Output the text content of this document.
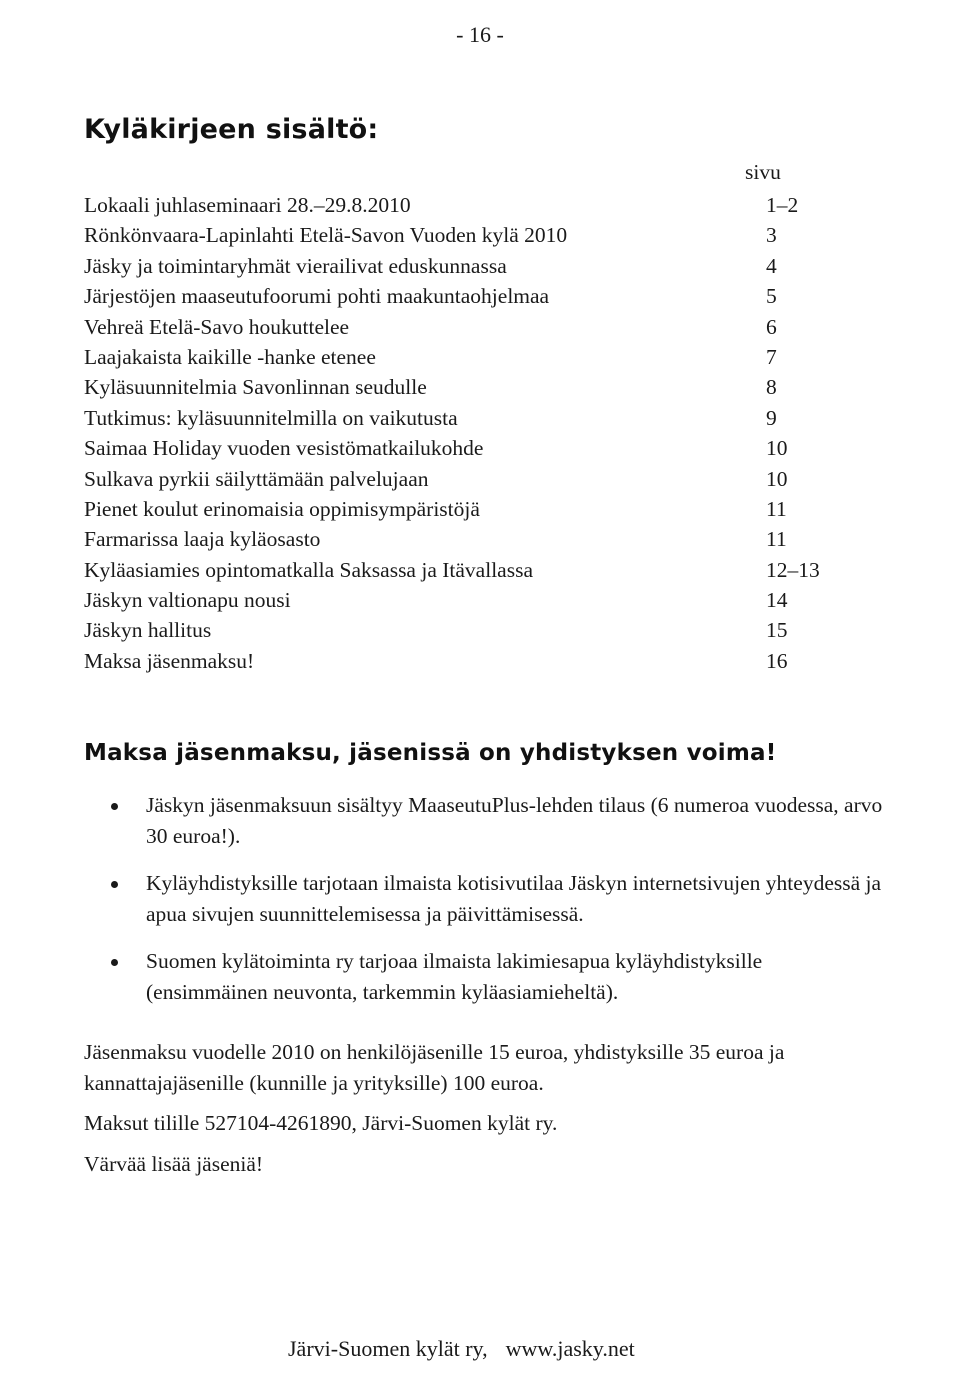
- 16 -
Kyläkirjeen sisältö:
sivu
Lokaali juhlaseminaari 28.–29.8.2010	1–2
Rönkönvaara-Lapinlahti Etelä-Savon Vuoden kylä 2010	3
Jäsky ja toimintaryhmät vierailivat eduskunnassa	4
Järjestöjen maaseutufoorumi pohti maakuntaohjelmaa	5
Vehreä Etelä-Savo houkuttelee	6
Laajakaista kaikille -hanke etenee	7
Kyläsuunnitelmia Savonlinnan seudulle	8
Tutkimus: kyläsuunnitelmilla on vaikutusta	9
Saimaa Holiday vuoden vesistömatkailukohde	10
Sulkava pyrkii säilyttämään palvelujaan	10
Pienet koulut erinomaisia oppimisympäristöjä	11
Farmarissa laaja kyläosasto	11
Kyläasiamies opintomatkalla Saksassa ja Itävallassa	12–13
Jäskyn valtionapu nousi	14
Jäskyn hallitus	15
Maksa jäsenmaksu!	16
Maksa jäsenmaksu, jäsenissä on yhdistyksen voima!
Jäskyn jäsenmaksuun sisältyy MaaseutuPlus-lehden tilaus (6 numeroa vuodessa, arvo 30 euroa!).
Kyläyhdistyksille tarjotaan ilmaista kotisivutilaa Jäskyn internetsivujen yhteydessä ja apua sivujen suunnittelemisessa ja päivittämisessä.
Suomen kylätoiminta ry tarjoaa ilmaista lakimiesapua kyläyhdistyksille (ensimmäinen neuvonta, tarkemmin kyläasiamieheltä).
Jäsenmaksu vuodelle 2010 on henkilöjäsenille 15 euroa, yhdistyksille 35 euroa ja kannattajajäsenille (kunnille ja yrityksille) 100 euroa.
Maksut tilille 527104-4261890, Järvi-Suomen kylät ry.
Värvää lisää jäseniä!

Järvi-Suomen kylät ry, www.jasky.net
